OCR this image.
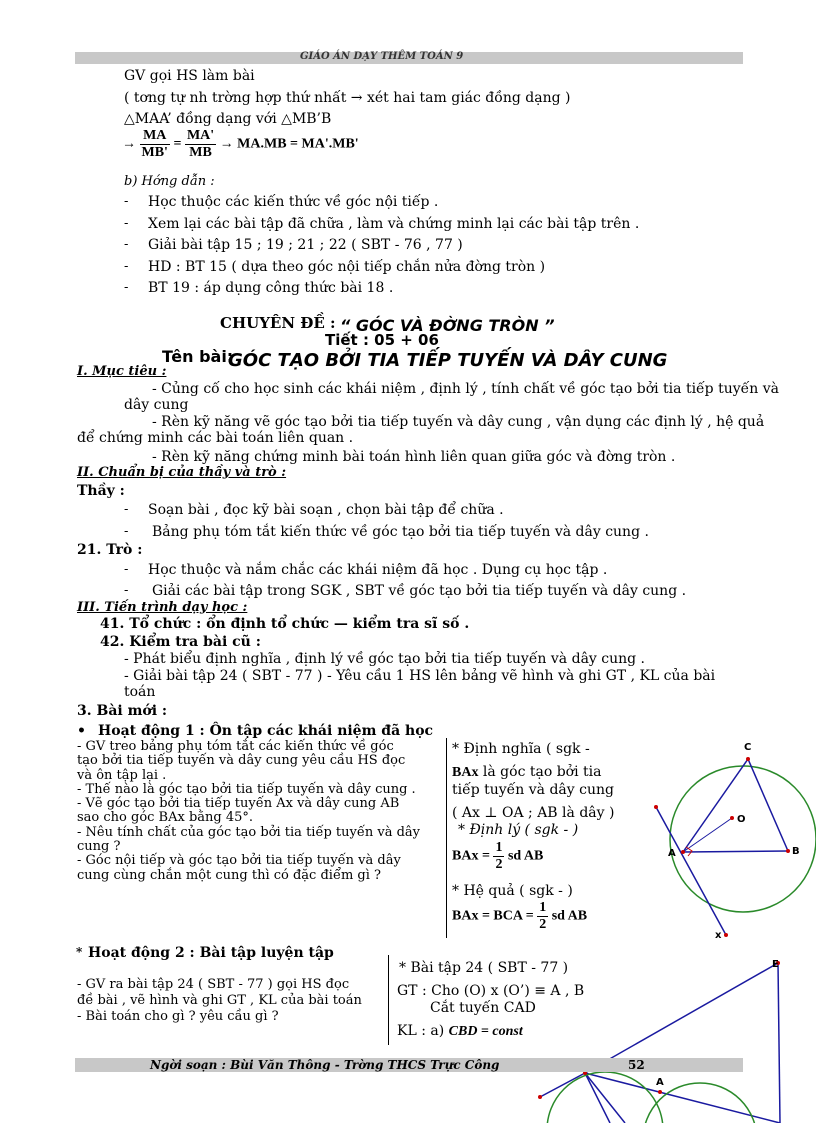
GIÁO ÁN DẠY THÊM TOÁN 9
GV gọi HS làm bài
( tơng tự nh trờng hợp thứ nhất → xét hai tam giác đồng dạng )
△MAA’ đồng dạng với △MB’B
→ $\frac{MA}{MB'} = \frac{MA'}{MB} \to MA.MB = MA'.MB'$
b) Hớng dẫn :
- Học thuộc các kiến thức về góc nội tiếp .
- Xem lại các bài tập đã chữa , làm và chứng minh lại các bài tập trên .
- Giải bài tập 15 ; 19 ; 21 ; 22 ( SBT - 76 , 77 )
- HD : BT 15 ( dựa theo góc nội tiếp chắn nửa đờng tròn )
- BT 19 : áp dụng công thức bài 18 .
CHUYÊN ĐỀ : “ GÓC VÀ ĐỜNG TRÒN ”
Tiết : 05 + 06
Tên bài:
GÓC TẠO BỞI TIA TIẾP TUYẾN VÀ DÂY CUNG
I. Mục tiêu :
- Củng cố cho học sinh các khái niệm , định lý , tính chất về góc tạo bởi tia tiếp tuyến và
dây cung
- Rèn kỹ năng vẽ góc tạo bởi tia tiếp tuyến và dây cung , vận dụng các định lý , hệ quả
để chứng minh các bài toán liên quan .
- Rèn kỹ năng chứng minh bài toán hình liên quan giữa góc và đờng tròn .
II. Chuẩn bị của thầy và trò :
Thầy :
- Soạn bài , đọc kỹ bài soạn , chọn bài tập để chữa .
- Bảng phụ tóm tắt kiến thức về góc tạo bởi tia tiếp tuyến và dây cung .
21. Trò :
- Học thuộc và nắm chắc các khái niệm đã học . Dụng cụ học tập .
- Giải các bài tập trong SGK , SBT về góc tạo bởi tia tiếp tuyến và dây cung .
III. Tiến trình dạy học :
41. Tổ chức : ổn định tổ chức — kiểm tra sĩ số .
42. Kiểm tra bài cũ :
- Phát biểu định nghĩa , định lý về góc tạo bởi tia tiếp tuyến và dây cung .
- Giải bài tập 24 ( SBT - 77 ) - Yêu cầu 1 HS lên bảng vẽ hình và ghi GT , KL của bài
toán
3. Bài mới :
• Hoạt động 1 : Ôn tập các khái niệm đã học
- GV treo bảng phụ tóm tắt các kiến thức về góc
tạo bởi tia tiếp tuyến và dây cung yêu cầu HS đọc
và ôn tập lại .
- Thế nào là góc tạo bởi tia tiếp tuyến và dây cung .
- Vẽ góc tạo bởi tia tiếp tuyến Ax và dây cung AB
sao cho góc BAx bằng 45°.
- Nêu tính chất của góc tạo bởi tia tiếp tuyến và dây
cung ?
- Góc nội tiếp và góc tạo bởi tia tiếp tuyến và dây
cung cùng chắn một cung thì có đặc điểm gì ?
* Định nghĩa ( sgk -
BAx là góc tạo bởi tia
tiếp tuyến và dây cung
( Ax ⊥ OA ; AB là dây )
* Định lý ( sgk - )
BAx = $\frac{1}{2}$ sd AB
* Hệ quả ( sgk - )
BAx = BCA = $\frac{1}{2}$ sd AB
C
O
A	B
x
* Hoạt động 2 : Bài tập luyện tập
- GV ra bài tập 24 ( SBT - 77 ) gọi HS đọc
đề bài , vẽ hình và ghi GT , KL của bài toán
- Bài toán cho gì ? yêu cầu gì ?
* Bài tập 24 ( SBT - 77 )
GT : Cho (O) x (O’) ≡ A , B
Cắt tuyến CAD
KL : a) CBD = const
E
A
Ngời soạn : Bùi Văn Thông - Trờng THCS Trực Công	52
